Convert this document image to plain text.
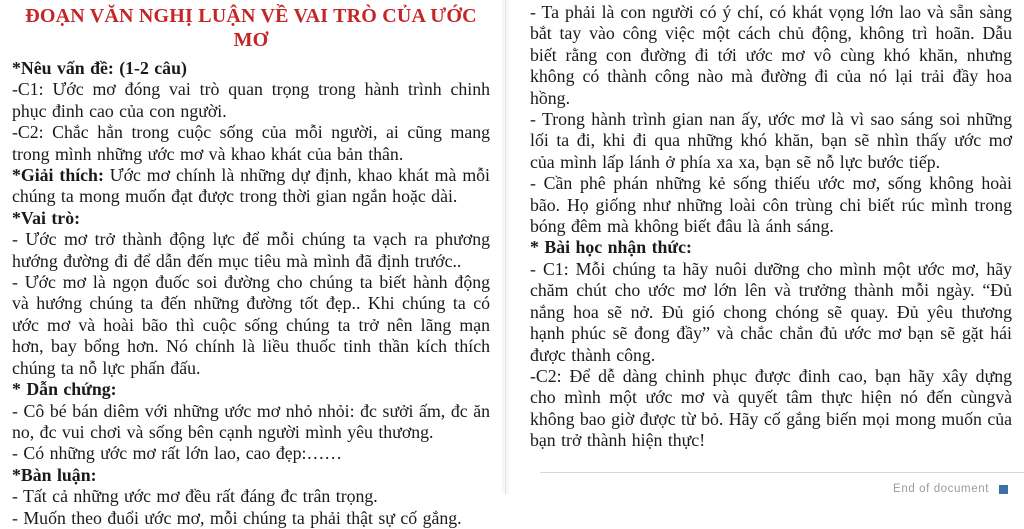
ĐOẠN VĂN NGHỊ LUẬN VỀ VAI TRÒ CỦA ƯỚC MƠ
*Nêu vấn đề: (1-2 câu)
-C1: Ước mơ đóng vai trò quan trọng trong hành trình chinh phục đinh cao của con người.
-C2: Chắc hẳn trong cuộc sống của mỗi người, ai cũng mang trong mình những ước mơ và khao khát của bản thân.
*Giải thích: Ước mơ chính là những dự định, khao khát mà mỗi chúng ta mong muốn đạt được trong thời gian ngắn hoặc dài.
*Vai trò:
- Ước mơ trở thành động lực để mỗi chúng ta vạch ra phương hướng đường đi để dẫn đến mục tiêu mà mình đã định trước..
- Ước mơ là ngọn đuốc soi đường cho chúng ta biết hành động và hướng chúng ta đến những đường tốt đẹp.. Khi chúng ta có ước mơ và hoài bão thì cuộc sống chúng ta trở nên lãng mạn hơn, bay bổng hơn. Nó chính là liều thuốc tinh thần kích thích chúng ta nỗ lực phấn đấu.
* Dẫn chứng:
- Cô bé bán diêm với những ước mơ nhỏ nhỏi: đc sưởi ấm, đc ăn no, đc vui chơi và sống bên cạnh người mình yêu thương.
- Có những ước mơ rất lớn lao, cao đẹp:……
*Bàn luận:
- Tất cả những ước mơ đều rất đáng đc trân trọng.
- Muốn theo đuổi ước mơ, mỗi chúng ta phải thật sự cố gắng.
- Ta phải là con người có ý chí, có khát vọng lớn lao và sẵn sàng bắt tay vào công việc một cách chủ động, không trì hoãn. Dẫu biết rằng con đường đi tới ước mơ vô cùng khó khăn, nhưng không có thành công nào mà đường đi của nó lại trải đầy hoa hồng.
- Trong hành trình gian nan ấy, ước mơ là vì sao sáng soi những lối ta đi, khi đi qua những khó khăn, bạn sẽ nhìn thấy ước mơ của mình lấp lánh ở phía xa xa, bạn sẽ nỗ lực bước tiếp.
- Cần phê phán những kẻ sống thiếu ước mơ, sống không hoài bão. Họ giống như những loài côn trùng chi biết rúc mình trong bóng đêm mà không biết đâu là ánh sáng.
* Bài học nhận thức:
- C1: Mỗi chúng ta hãy nuôi dưỡng cho mình một ước mơ, hãy chăm chút cho ước mơ lớn lên và trưởng thành mỗi ngày. “Đủ nắng hoa sẽ nở. Đủ gió chong chóng sẽ quay. Đủ yêu thương hạnh phúc sẽ đong đầy” và chắc chắn đủ ước mơ bạn sẽ gặt hái được thành công.
-C2: Để dễ dàng chinh phục được đinh cao, bạn hãy xây dựng cho mình một ước mơ và quyết tâm thực hiện nó đến cùngvà không bao giờ được từ bỏ. Hãy cố gắng biến mọi mong muốn của bạn trở thành hiện thực!
End of document
